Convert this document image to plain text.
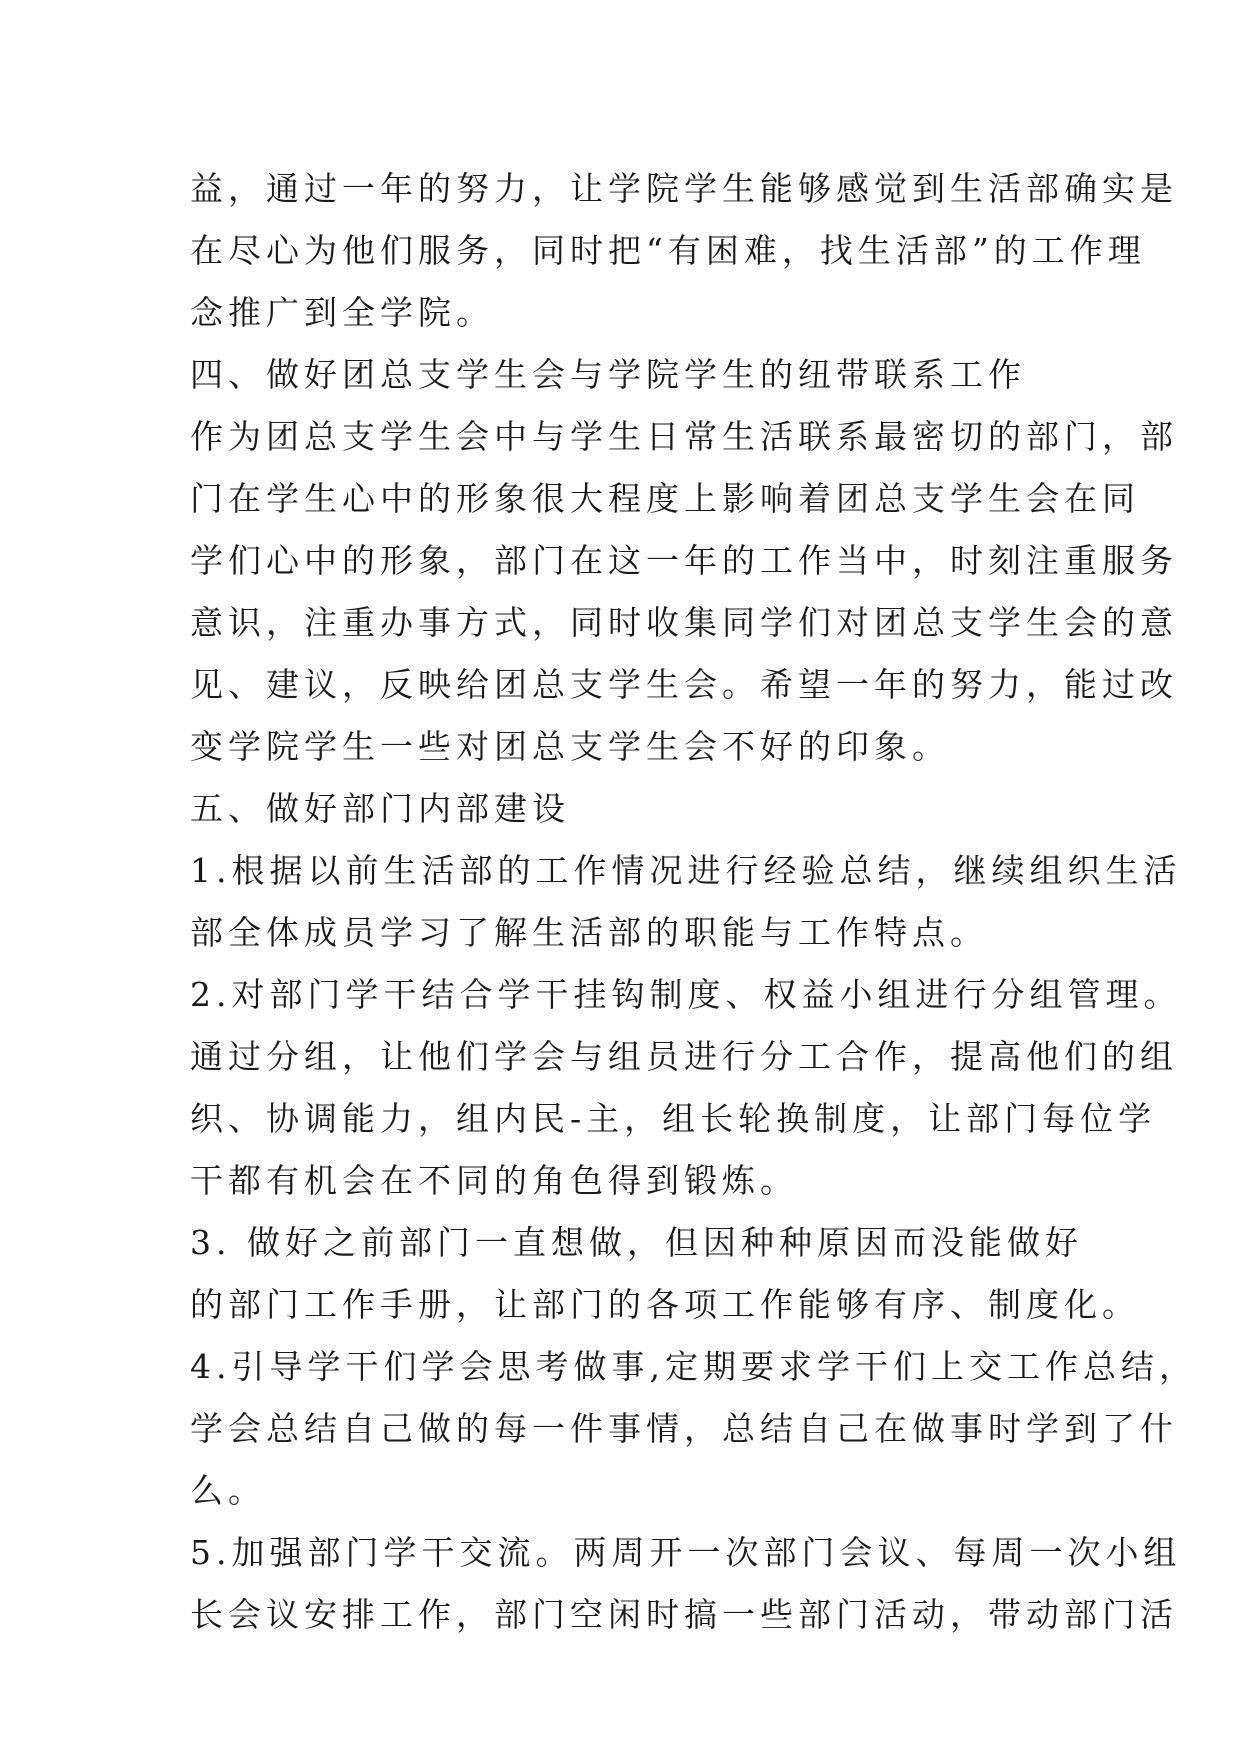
益，通过一年的努力，让学院学生能够感觉到生活部确实是
在尽心为他们服务，同时把“有困难，找生活部”的工作理
念推广到全学院。
四、做好团总支学生会与学院学生的纽带联系工作
作为团总支学生会中与学生日常生活联系最密切的部门，部
门在学生心中的形象很大程度上影响着团总支学生会在同
学们心中的形象，部门在这一年的工作当中，时刻注重服务
意识，注重办事方式，同时收集同学们对团总支学生会的意
见、建议，反映给团总支学生会。希望一年的努力，能过改
变学院学生一些对团总支学生会不好的印象。
五、做好部门内部建设
1.根据以前生活部的工作情况进行经验总结，继续组织生活
部全体成员学习了解生活部的职能与工作特点。
2.对部门学干结合学干挂钩制度、权益小组进行分组管理。
通过分组，让他们学会与组员进行分工合作，提高他们的组
织、协调能力，组内民-主，组长轮换制度，让部门每位学
干都有机会在不同的角色得到锻炼。
3. 做好之前部门一直想做，但因种种原因而没能做好
的部门工作手册，让部门的各项工作能够有序、制度化。
4.引导学干们学会思考做事,定期要求学干们上交工作总结，
学会总结自己做的每一件事情，总结自己在做事时学到了什
么。
5.加强部门学干交流。两周开一次部门会议、每周一次小组
长会议安排工作，部门空闲时搞一些部门活动，带动部门活
